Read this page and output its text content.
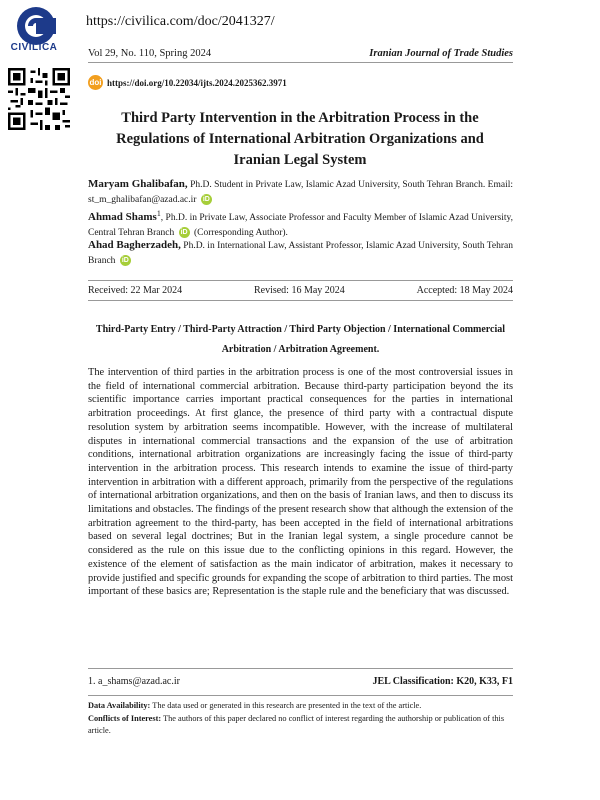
CIVILICA
https://civilica.com/doc/2041327/
Vol 29, No. 110, Spring 2024	Iranian Journal of Trade Studies
doi https://doi.org/10.22034/ijts.2024.2025362.3971
Third Party Intervention in the Arbitration Process in the Regulations of International Arbitration Organizations and Iranian Legal System
Maryam Ghalibafan, Ph.D. Student in Private Law, Islamic Azad University, South Tehran Branch. Email: st_m_ghalibafan@azad.ac.ir iD
Ahmad Shams$^1$, Ph.D. in Private Law, Associate Professor and Faculty Member of Islamic Azad University, Central Tehran Branch iD (Corresponding Author).
Ahad Bagherzadeh, Ph.D. in International Law, Assistant Professor, Islamic Azad University, South Tehran Branch iD
Received: 22 Mar 2024	Revised: 16 May 2024	Accepted: 18 May 2024
Third-Party Entry / Third-Party Attraction / Third Party Objection / International Commercial Arbitration / Arbitration Agreement.
The intervention of third parties in the arbitration process is one of the most controversial issues in the field of international commercial arbitration. Because third-party participation beyond the its scientific importance carries important practical consequences for the parties in international arbitration proceedings. At first glance, the presence of third party with a contractual dispute resolution system by arbitration seems incompatible. However, with the increase of multilateral disputes in international commercial transactions and the expansion of the use of arbitration conditions, international arbitration organizations are increasingly facing the issue of third-party intervention in the arbitration process. This research intends to examine the issue of third-party intervention in arbitration with a different approach, primarily from the perspective of the regulations of international arbitration organizations, and then on the basis of Iranian laws, and then to discuss its limitations and obstacles. The findings of the present research show that although the extension of the arbitration agreement to the third-party, has been accepted in the field of international arbitrations based on several legal doctrines; But in the Iranian legal system, a single procedure cannot be considered as the rule on this issue due to the conflicting opinions in this regard. However, the existence of the element of satisfaction as the main indicator of arbitration, makes it necessary to provide justified and specific grounds for expanding the scope of arbitration to third parties. The most important of these basics are; Representation is the staple rule and the beneficiary that was discussed.
1. a_shams@azad.ac.ir	JEL Classification: K20, K33, F1
Data Availability: The data used or generated in this research are presented in the text of the article.
Conflicts of Interest: The authors of this paper declared no conflict of interest regarding the authorship or publication of this article.
